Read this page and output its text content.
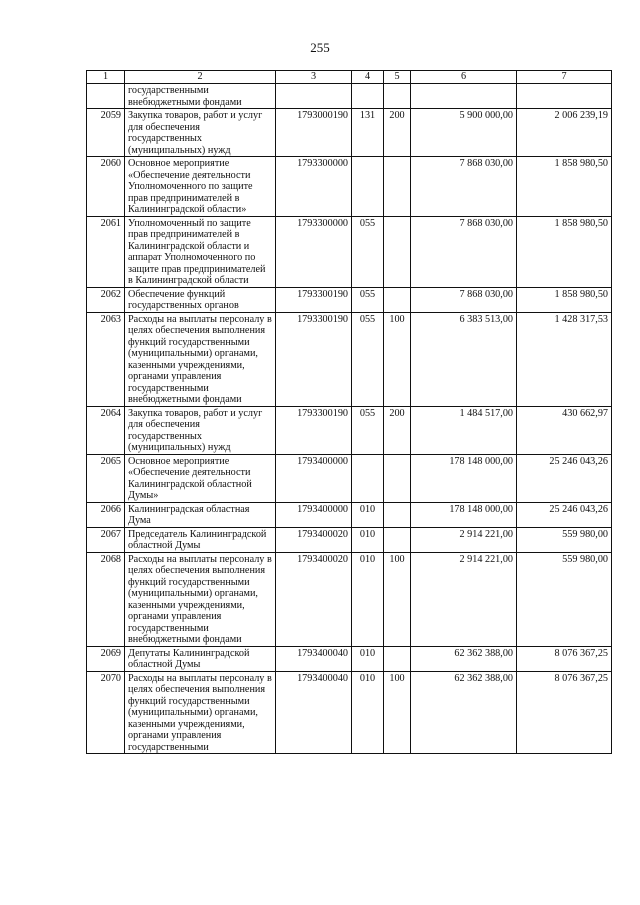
255
1	2	3	4	5	6	7
	государственными внебюджетными фондами					
2059	Закупка товаров, работ и услуг для обеспечения государственных (муниципальных) нужд	1793000190	131	200	5 900 000,00	2 006 239,19
2060	Основное мероприятие «Обеспечение деятельности Уполномоченного по защите прав предпринимателей в Калининградской области»	1793300000			7 868 030,00	1 858 980,50
2061	Уполномоченный по защите прав предпринимателей в Калининградской области и аппарат Уполномоченного по защите прав предпринимателей в Калининградской области	1793300000	055		7 868 030,00	1 858 980,50
2062	Обеспечение функций государственных органов	1793300190	055		7 868 030,00	1 858 980,50
2063	Расходы на выплаты персоналу в целях обеспечения выполнения функций государственными (муниципальными) органами, казенными учреждениями, органами управления государственными внебюджетными фондами	1793300190	055	100	6 383 513,00	1 428 317,53
2064	Закупка товаров, работ и услуг для обеспечения государственных (муниципальных) нужд	1793300190	055	200	1 484 517,00	430 662,97
2065	Основное мероприятие «Обеспечение деятельности Калининградской областной Думы»	1793400000			178 148 000,00	25 246 043,26
2066	Калининградская областная Дума	1793400000	010		178 148 000,00	25 246 043,26
2067	Председатель Калининградской областной Думы	1793400020	010		2 914 221,00	559 980,00
2068	Расходы на выплаты персоналу в целях обеспечения выполнения функций государственными (муниципальными) органами, казенными учреждениями, органами управления государственными внебюджетными фондами	1793400020	010	100	2 914 221,00	559 980,00
2069	Депутаты Калининградской областной Думы	1793400040	010		62 362 388,00	8 076 367,25
2070	Расходы на выплаты персоналу в целях обеспечения выполнения функций государственными (муниципальными) органами, казенными учреждениями, органами управления государственными	1793400040	010	100	62 362 388,00	8 076 367,25
